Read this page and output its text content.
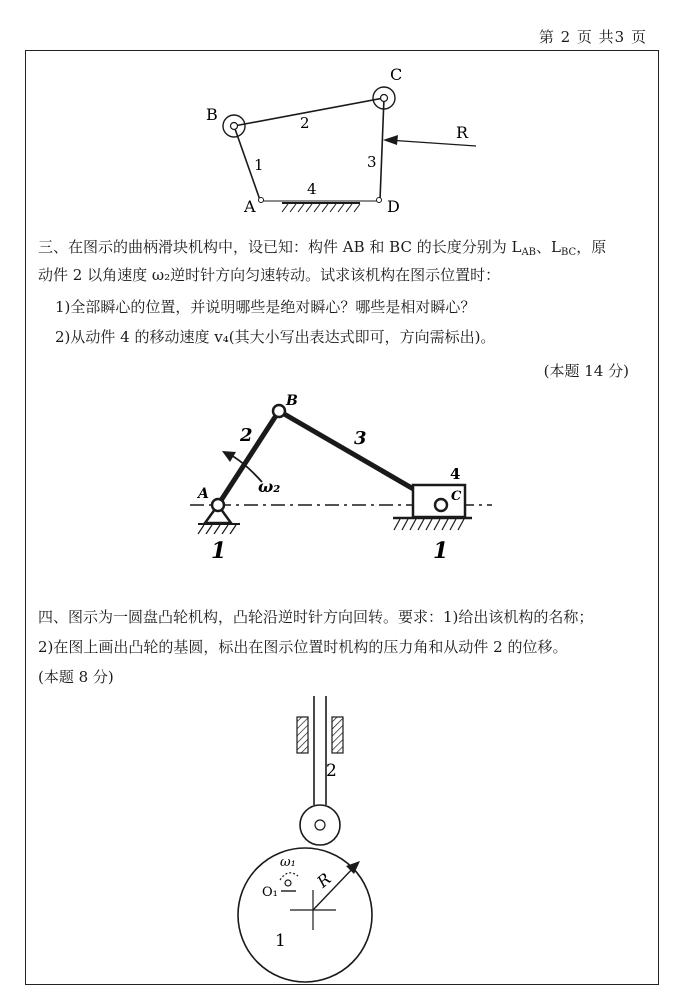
第 2 页 共3 页
B
C
A	D
1
2
3
4
R

三、在图示的曲柄滑块机构中，设已知：构件 AB 和 BC 的长度分别为 $L_{AB}$、$L_{BC}$，原

动件 2 以角速度 ω₂逆时针方向匀速转动。试求该机构在图示位置时：

1)全部瞬心的位置，并说明哪些是绝对瞬心？哪些是相对瞬心？

2)从动件 4 的移动速度 v₄(其大小写出表达式即可，方向需标出)。

(本题 14 分)
B
A	C
2	3
4
ω₂
1	1

四、图示为一圆盘凸轮机构，凸轮沿逆时针方向回转。要求：1)给出该机构的名称；

2)在图上画出凸轮的基圆，标出在图示位置时机构的压力角和从动件 2 的位移。

(本题 8 分)

2
R
ω₁
O₁
1
